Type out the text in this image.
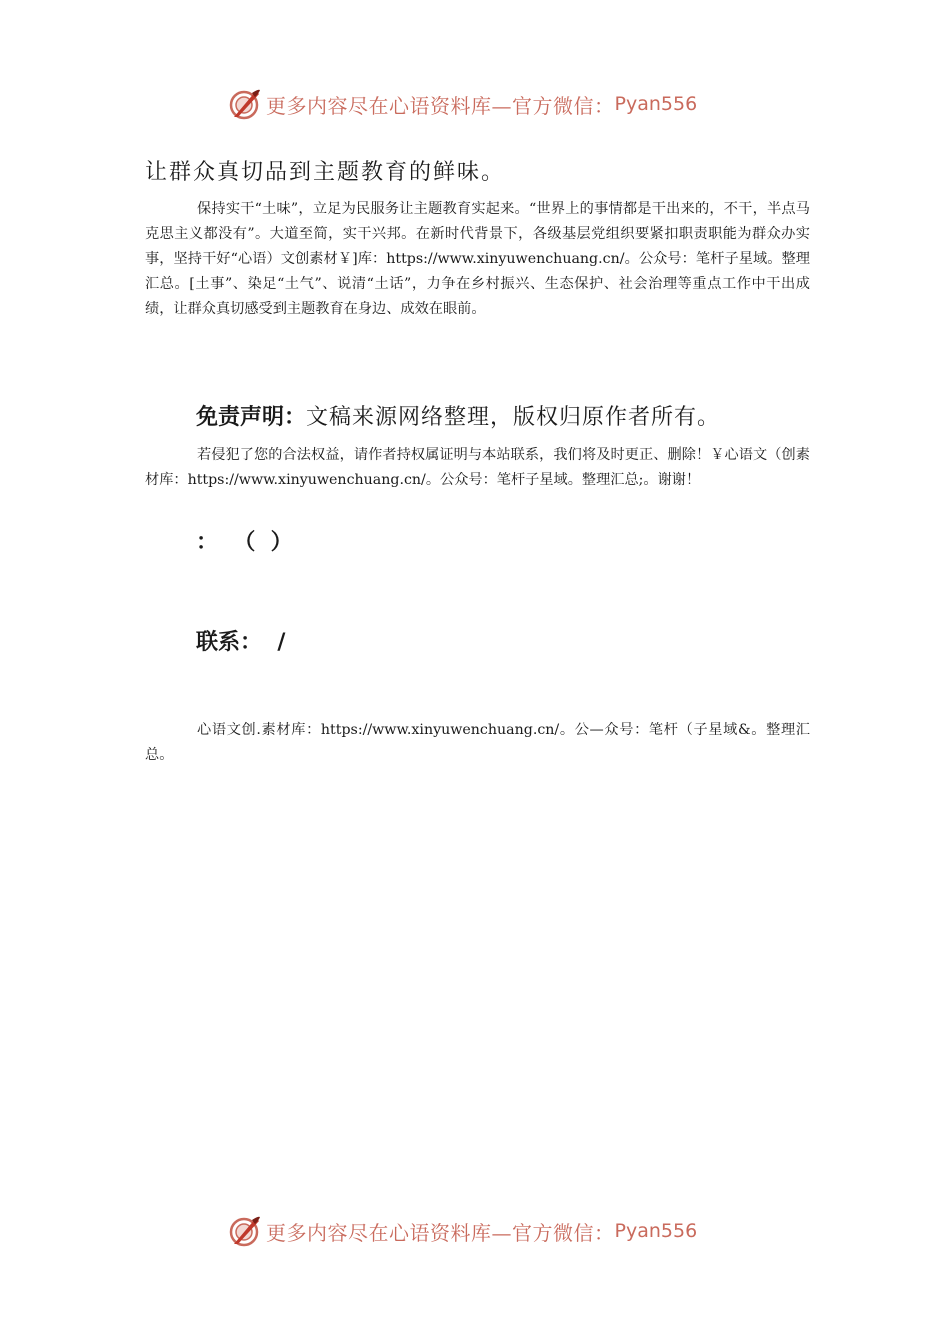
更多内容尽在心语资料库—官方微信： Pyan556
让群众真切品到主题教育的鲜味。

保持实干“土味”，立足为民服务让主题教育实起来。“世界上的事情都是干出来的，不干，半点马克思主义都没有”。大道至简，实干兴邦。在新时代背景下，各级基层党组织要紧扣职责职能为群众办实事，坚持干好“心语）文创素材￥]库：https://www.xinyuwenchuang.cn/。公众号：笔杆子星域。整理汇总。[土事”、染足“土气”、说清“土话”，力争在乡村振兴、生态保护、社会治理等重点工作中干出成绩，让群众真切感受到主题教育在身边、成效在眼前。

免责声明：文稿来源网络整理，版权归原作者所有。

若侵犯了您的合法权益，请作者持权属证明与本站联系，我们将及时更正、删除！￥心语文（创素材库：https://www.xinyuwenchuang.cn/。公众号：笔杆子星域。整理汇总;。谢谢！

：  （  ）
联系：  /

心语文创.素材库：https://www.xinyuwenchuang.cn/。公—众号：笔杆（子星域&。整理汇总。

更多内容尽在心语资料库—官方微信： Pyan556
